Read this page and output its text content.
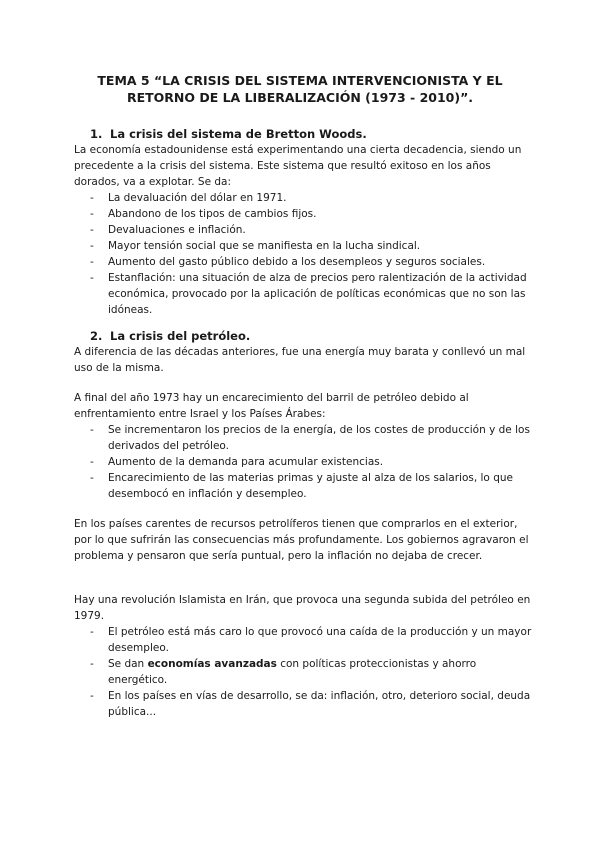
TEMA 5 “LA CRISIS DEL SISTEMA INTERVENCIONISTA Y EL
RETORNO DE LA LIBERALIZACIÓN (1973 - 2010)”.
1. La crisis del sistema de Bretton Woods.
La economía estadounidense está experimentando una cierta decadencia, siendo un precedente a la crisis del sistema. Este sistema que resultó exitoso en los años dorados, va a explotar. Se da:
- La devaluación del dólar en 1971.
- Abandono de los tipos de cambios fijos.
- Devaluaciones e inflación.
- Mayor tensión social que se manifiesta en la lucha sindical.
- Aumento del gasto público debido a los desempleos y seguros sociales.
- Estanflación: una situación de alza de precios pero ralentización de la actividad económica, provocado por la aplicación de políticas económicas que no son las idóneas.
2. La crisis del petróleo.
A diferencia de las décadas anteriores, fue una energía muy barata y conllevó un mal uso de la misma.
A final del año 1973 hay un encarecimiento del barril de petróleo debido al enfrentamiento entre Israel y los Países Árabes:
- Se incrementaron los precios de la energía, de los costes de producción y de los derivados del petróleo.
- Aumento de la demanda para acumular existencias.
- Encarecimiento de las materias primas y ajuste al alza de los salarios, lo que desembocó en inflación y desempleo.
En los países carentes de recursos petrolíferos tienen que comprarlos en el exterior, por lo que sufrirán las consecuencias más profundamente. Los gobiernos agravaron el problema y pensaron que sería puntual, pero la inflación no dejaba de crecer.
Hay una revolución Islamista en Irán, que provoca una segunda subida del petróleo en 1979.
- El petróleo está más caro lo que provocó una caída de la producción y un mayor desempleo.
- Se dan economías avanzadas con políticas proteccionistas y ahorro energético.
- En los países en vías de desarrollo, se da: inflación, otro, deterioro social, deuda pública...
